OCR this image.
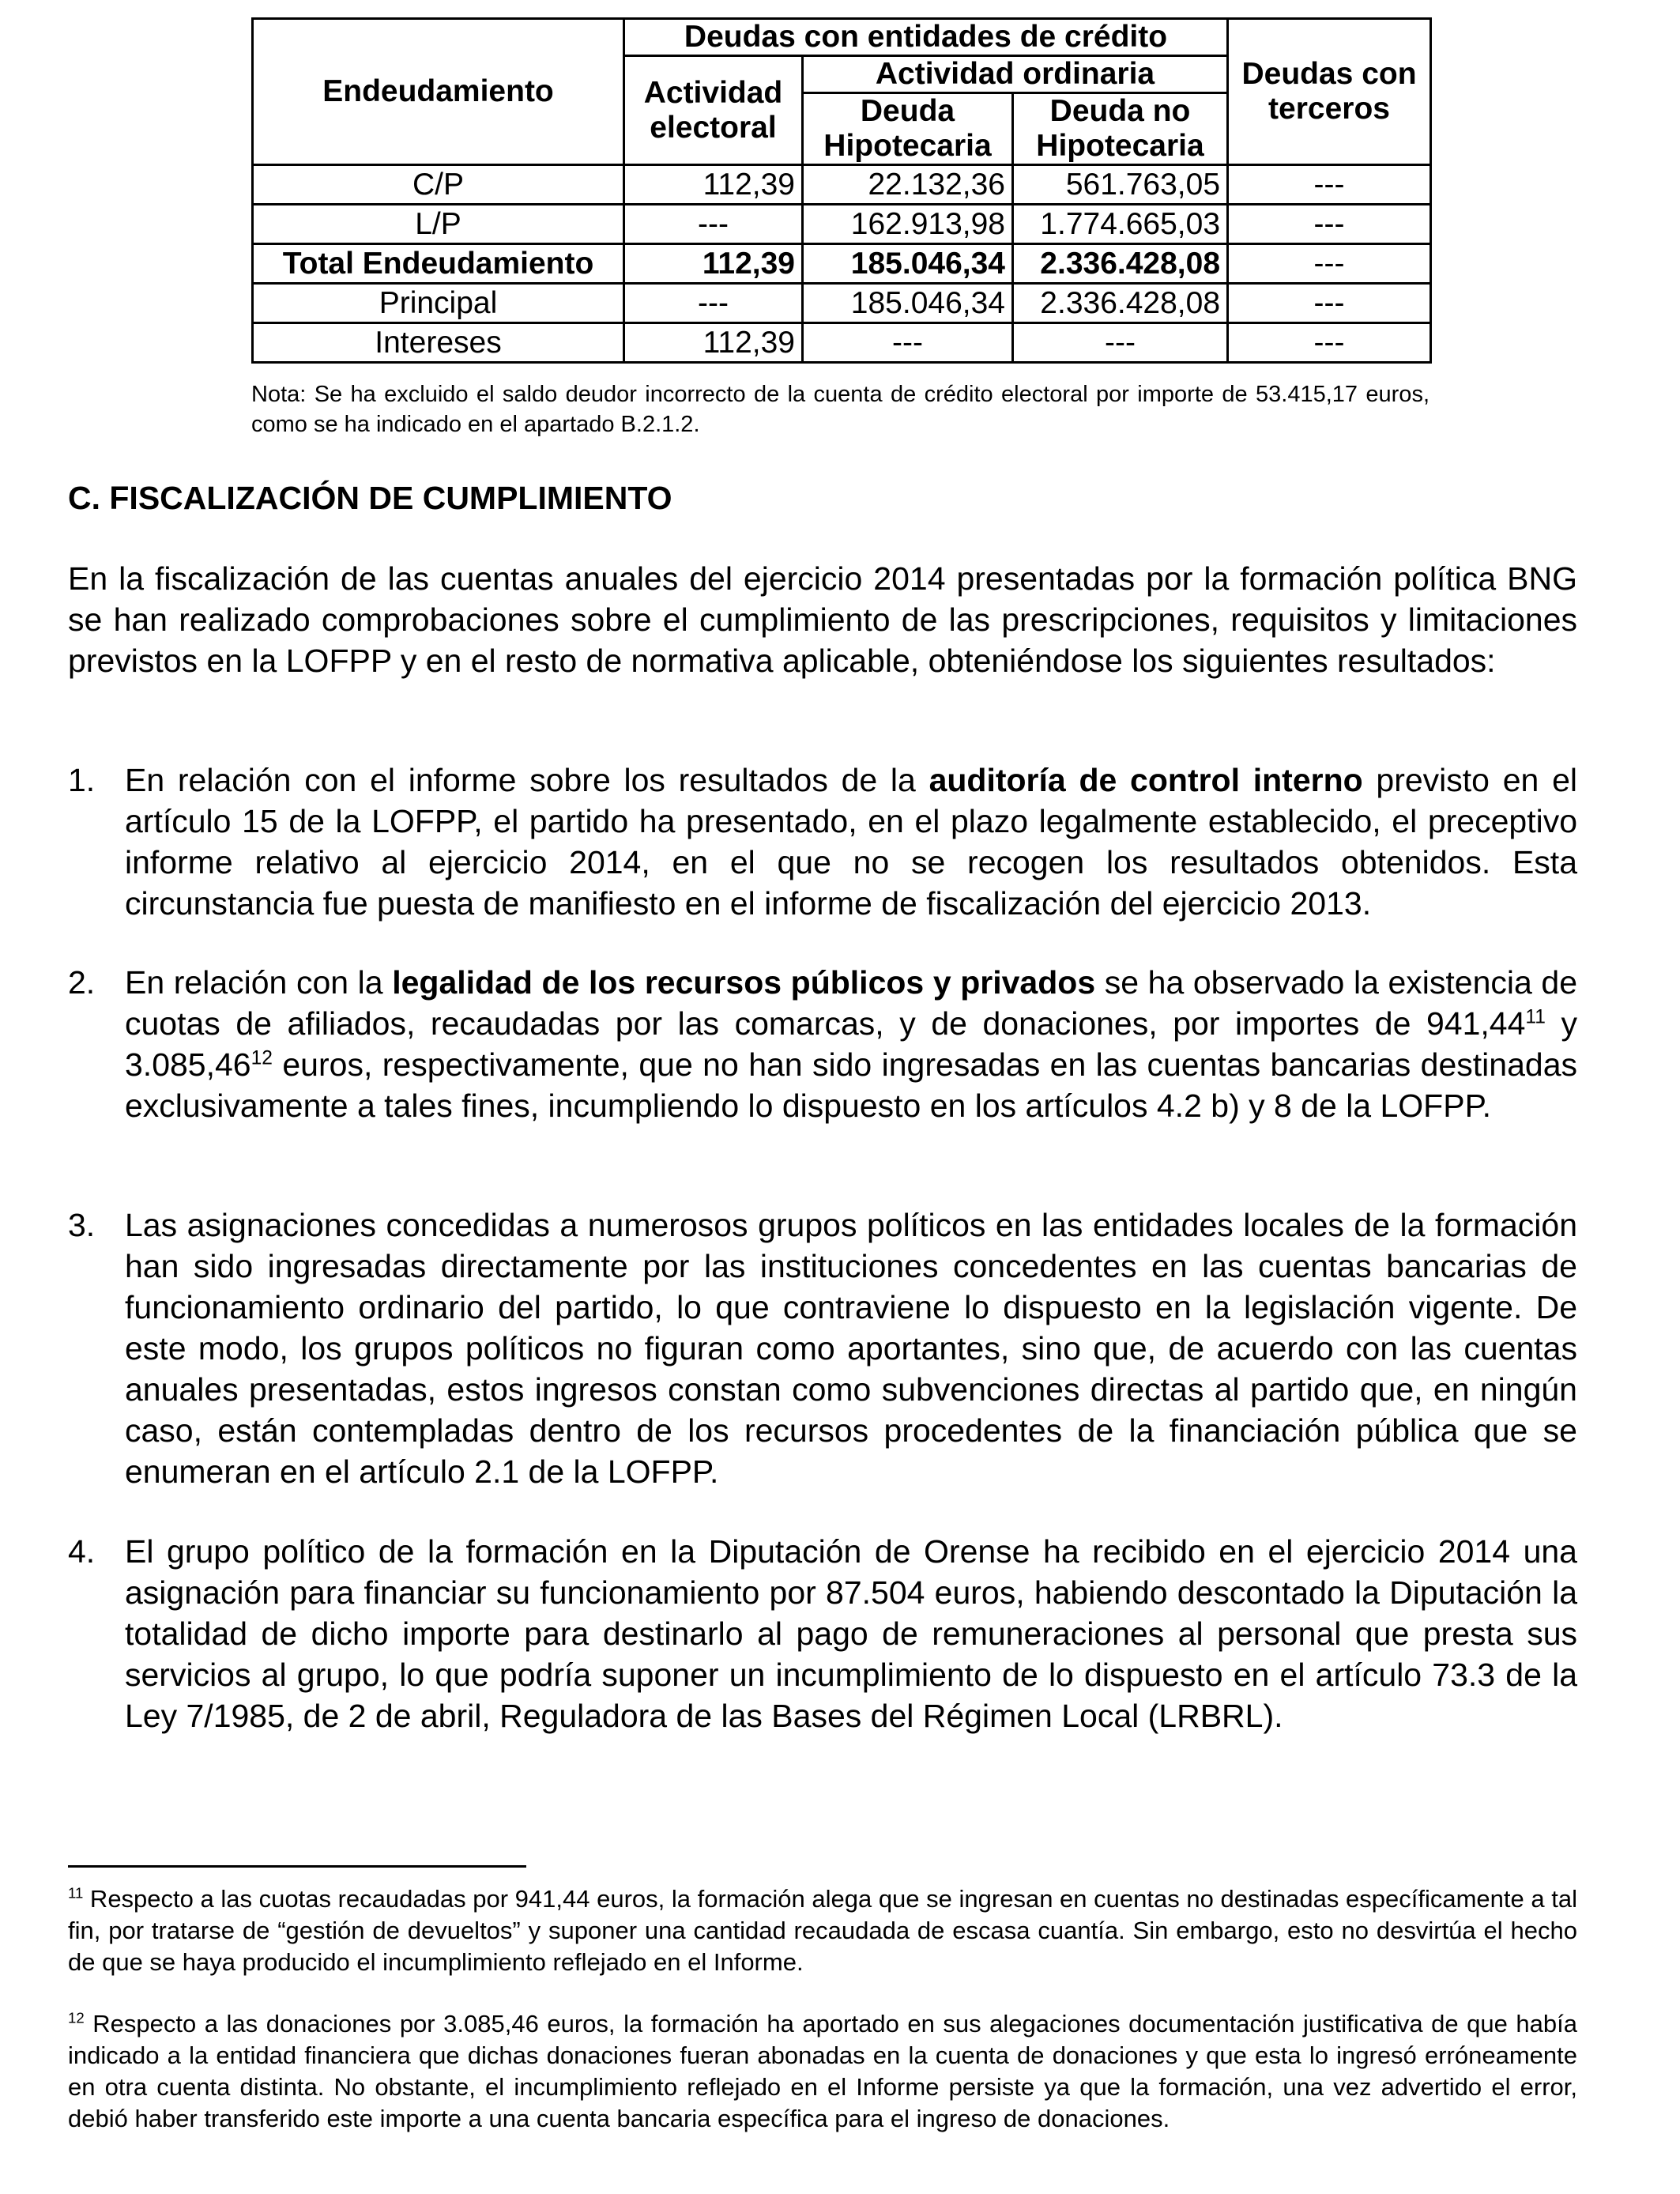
Endeudamiento	Deudas con entidades de crédito			Deudas con terceros
	Actividad electoral	Actividad ordinaria		
		Deuda Hipotecaria	Deuda no Hipotecaria	

C/P	112,39	22.132,36	561.763,05	---
L/P	---	162.913,98	1.774.665,03	---
Total Endeudamiento	112,39	185.046,34	2.336.428,08	---
Principal	---	185.046,34	2.336.428,08	---
Intereses	112,39	---	---	---
Nota: Se ha excluido el saldo deudor incorrecto de la cuenta de crédito electoral por importe de 53.415,17 euros, como se ha indicado en el apartado B.2.1.2.
C. FISCALIZACIÓN DE CUMPLIMIENTO

En la fiscalización de las cuentas anuales del ejercicio 2014 presentadas por la formación política BNG se han realizado comprobaciones sobre el cumplimiento de las prescripciones, requisitos y limitaciones previstos en la LOFPP y en el resto de normativa aplicable, obteniéndose los siguientes resultados:

1. En relación con el informe sobre los resultados de la auditoría de control interno previsto en el artículo 15 de la LOFPP, el partido ha presentado, en el plazo legalmente establecido, el preceptivo informe relativo al ejercicio 2014, en el que no se recogen los resultados obtenidos. Esta circunstancia fue puesta de manifiesto en el informe de fiscalización del ejercicio 2013.
2. En relación con la legalidad de los recursos públicos y privados se ha observado la existencia de cuotas de afiliados, recaudadas por las comarcas, y de donaciones, por importes de 941,44$^{11}$ y 3.085,46$^{12}$ euros, respectivamente, que no han sido ingresadas en las cuentas bancarias destinadas exclusivamente a tales fines, incumpliendo lo dispuesto en los artículos 4.2 b) y 8 de la LOFPP.
3. Las asignaciones concedidas a numerosos grupos políticos en las entidades locales de la formación han sido ingresadas directamente por las instituciones concedentes en las cuentas bancarias de funcionamiento ordinario del partido, lo que contraviene lo dispuesto en la legislación vigente. De este modo, los grupos políticos no figuran como aportantes, sino que, de acuerdo con las cuentas anuales presentadas, estos ingresos constan como subvenciones directas al partido que, en ningún caso, están contempladas dentro de los recursos procedentes de la financiación pública que se enumeran en el artículo 2.1 de la LOFPP.
4. El grupo político de la formación en la Diputación de Orense ha recibido en el ejercicio 2014 una asignación para financiar su funcionamiento por 87.504 euros, habiendo descontado la Diputación la totalidad de dicho importe para destinarlo al pago de remuneraciones al personal que presta sus servicios al grupo, lo que podría suponer un incumplimiento de lo dispuesto en el artículo 73.3 de la Ley 7/1985, de 2 de abril, Reguladora de las Bases del Régimen Local (LRBRL).

$^{11}$ Respecto a las cuotas recaudadas por 941,44 euros, la formación alega que se ingresan en cuentas no destinadas específicamente a tal fin, por tratarse de “gestión de devueltos” y suponer una cantidad recaudada de escasa cuantía. Sin embargo, esto no desvirtúa el hecho de que se haya producido el incumplimiento reflejado en el Informe.

$^{12}$ Respecto a las donaciones por 3.085,46 euros, la formación ha aportado en sus alegaciones documentación justificativa de que había indicado a la entidad financiera que dichas donaciones fueran abonadas en la cuenta de donaciones y que esta lo ingresó erróneamente en otra cuenta distinta. No obstante, el incumplimiento reflejado en el Informe persiste ya que la formación, una vez advertido el error, debió haber transferido este importe a una cuenta bancaria específica para el ingreso de donaciones.
